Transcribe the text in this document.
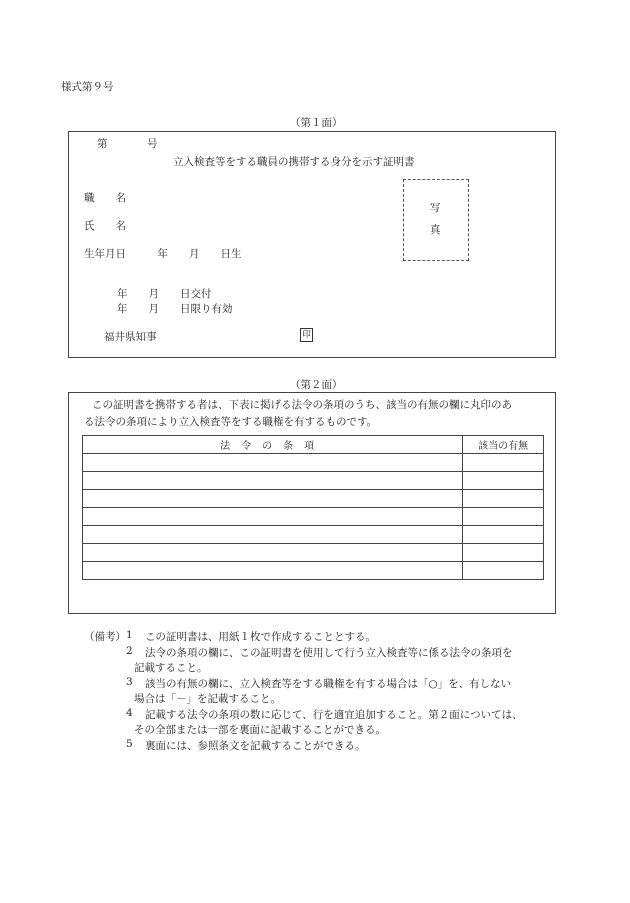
様式第９号
（第１面）
第	号
立入検査等をする職員の携帯する身分を示す証明書
職　　名
氏　　名
生年月日　　　年　　月　　日生
写
真
年　　月　　日交付
年　　月　　日限り有効
福井県知事	印
（第２面）
この証明書を携帯する者は、下表に掲げる法令の条項のうち、該当の有無の欄に丸印のあ
る法令の条項により立入検査等をする職権を有するものです。
法令の条項	該当の有無

（備考） 1 この証明書は、用紙１枚で作成することとする。
2 法令の条項の欄に、この証明書を使用して行う立入検査等に係る法令の条項を
記載すること。
3 該当の有無の欄に、立入検査等をする職権を有する場合は「○」を、有しない
場合は「－」を記載すること。
4 記載する法令の条項の数に応じて、行を適宜追加すること。第２面については、
その全部または一部を裏面に記載することができる。
5 裏面には、参照条文を記載することができる。
